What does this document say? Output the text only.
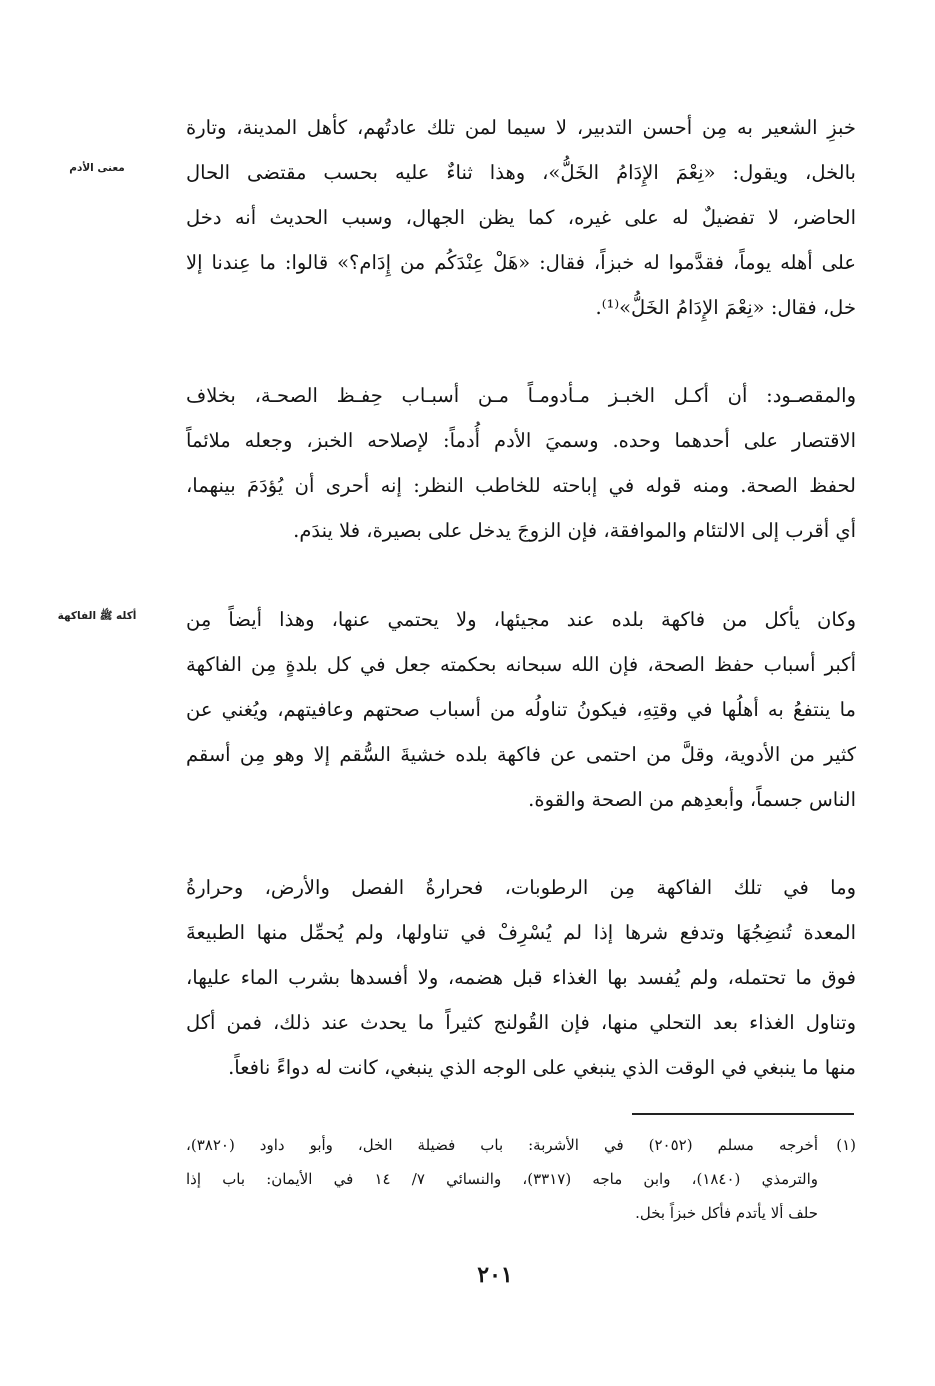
معنى الأدم
أكله ﷺ الفاكهة
خبزِ الشعير به مِن أحسن التدبير، لا سيما لمن تلك عادتُهم، كأهل المدينة، وتارة
بالخل، ويقول: «نِعْمَ الإِدَامُ الخَلُّ»، وهذا ثناءٌ عليه بحسب مقتضى الحال
الحاضر، لا تفضيلٌ له على غيره، كما يظن الجهال، وسبب الحديث أنه دخل
على أهله يوماً، فقدَّموا له خبزاً، فقال: «هَلْ عِنْدَكُم من إِدَام؟» قالوا: ما عِندنا إلا
خل، فقال: «نِعْمَ الإِدَامُ الخَلُّ»⁽¹⁾.
والمقصـود: أن أكـل الخبـز مـأدومـاً مـن أسبـاب حِفـظ الصحـة، بخلاف
الاقتصار على أحدهما وحده. وسميَ الأدم أُدماً: لإصلاحه الخبز، وجعله ملائماً
لحفظ الصحة. ومنه قوله في إباحته للخاطب النظر: إنه أحرى أن يُؤدَمَ بينهما،
أي أقرب إلى الالتئام والموافقة، فإن الزوجَ يدخل على بصيرة، فلا يندَم.
وكان يأكل من فاكهة بلده عند مجيئها، ولا يحتمي عنها، وهذا أيضاً مِن
أكبر أسباب حفظ الصحة، فإن الله سبحانه بحكمته جعل في كل بلدةٍ مِن الفاكهة
ما ينتفعُ به أهلُها في وقتِهِ، فيكونُ تناولُه من أسباب صحتهم وعافيتهم، ويُغني عن
كثير من الأدوية، وقلَّ من احتمى عن فاكهة بلده خشيةَ السُّقم إلا وهو مِن أسقم
الناس جسماً، وأبعدِهم من الصحة والقوة.
وما في تلك الفاكهة مِن الرطوبات، فحرارةُ الفصل والأرض، وحرارةُ
المعدة تُنضِجُهَا وتدفع شرها إذا لم يُسْرِفْ في تناولها، ولم يُحمِّل منها الطبيعةَ
فوق ما تحتمله، ولم يُفسد بها الغذاء قبل هضمه، ولا أفسدها بشرب الماء عليها،
وتناول الغذاء بعد التحلي منها، فإن القُولنج كثيراً ما يحدث عند ذلك، فمن أكل
منها ما ينبغي في الوقت الذي ينبغي على الوجه الذي ينبغي، كانت له دواءً نافعاً.
(١)أخرجه مسلم (٢٠٥٢) في الأشربة: باب فضيلة الخل، وأبو داود (٣٨٢٠)،
والترمذي (١٨٤٠)، وابن ماجه (٣٣١٧)، والنسائي ٧/ ١٤ في الأيمان: باب إذا
حلف ألا يأتدم فأكل خبزاً بخل.
٢٠١
